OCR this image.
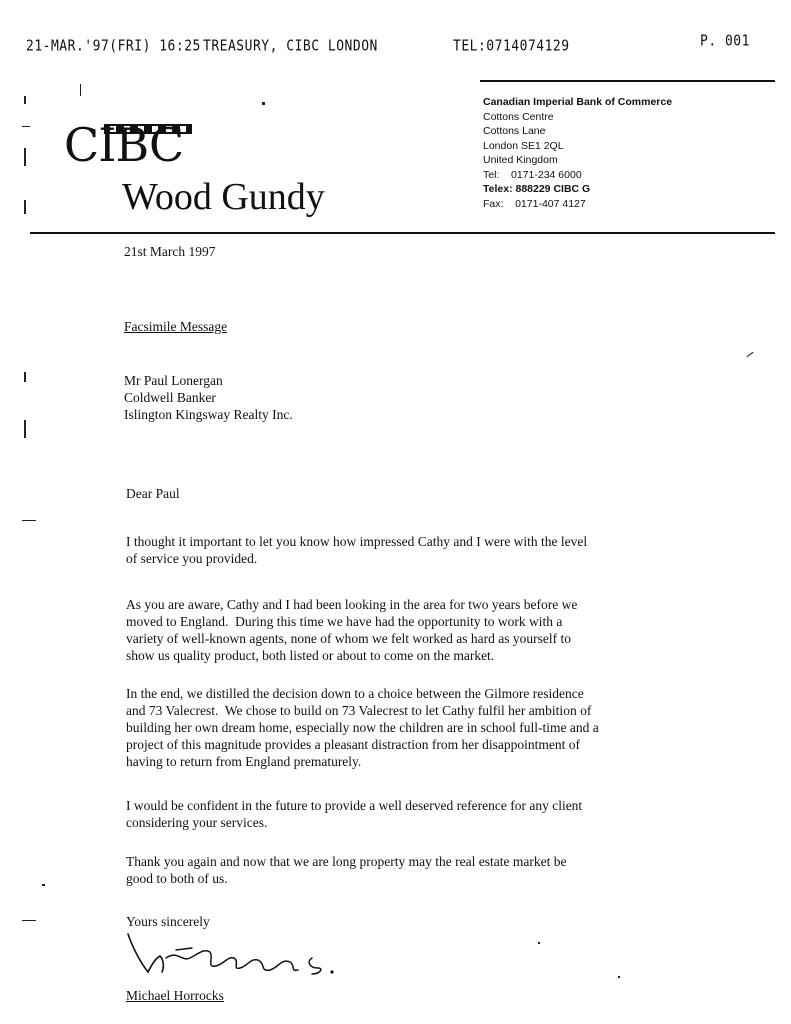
21-MAR.'97(FRI) 16:25 TREASURY, CIBC LONDON	TEL:0714074129	P. 001
CIBC
Wood Gundy
Canadian Imperial Bank of Commerce
Cottons Centre
Cottons Lane
London SE1 2QL
United Kingdom
Tel:    0171-234 6000
Telex: 888229 CIBC G
Fax:    0171-407 4127
21st March 1997
Facsimile Message
Mr Paul Lonergan
Coldwell Banker
Islington Kingsway Realty Inc.
Dear Paul

I thought it important to let you know how impressed Cathy and I were with the level

of service you provided.

As you are aware, Cathy and I had been looking in the area for two years before we

moved to England.  During this time we have had the opportunity to work with a

variety of well-known agents, none of whom we felt worked as hard as yourself to

show us quality product, both listed or about to come on the market.

In the end, we distilled the decision down to a choice between the Gilmore residence

and 73 Valecrest.  We chose to build on 73 Valecrest to let Cathy fulfil her ambition of

building her own dream home, especially now the children are in school full-time and a

project of this magnitude provides a pleasant distraction from her disappointment of

having to return from England prematurely.

I would be confident in the future to provide a well deserved reference for any client

considering your services.

Thank you again and now that we are long property may the real estate market be

good to both of us.

Yours sincerely
Michael Horrocks
